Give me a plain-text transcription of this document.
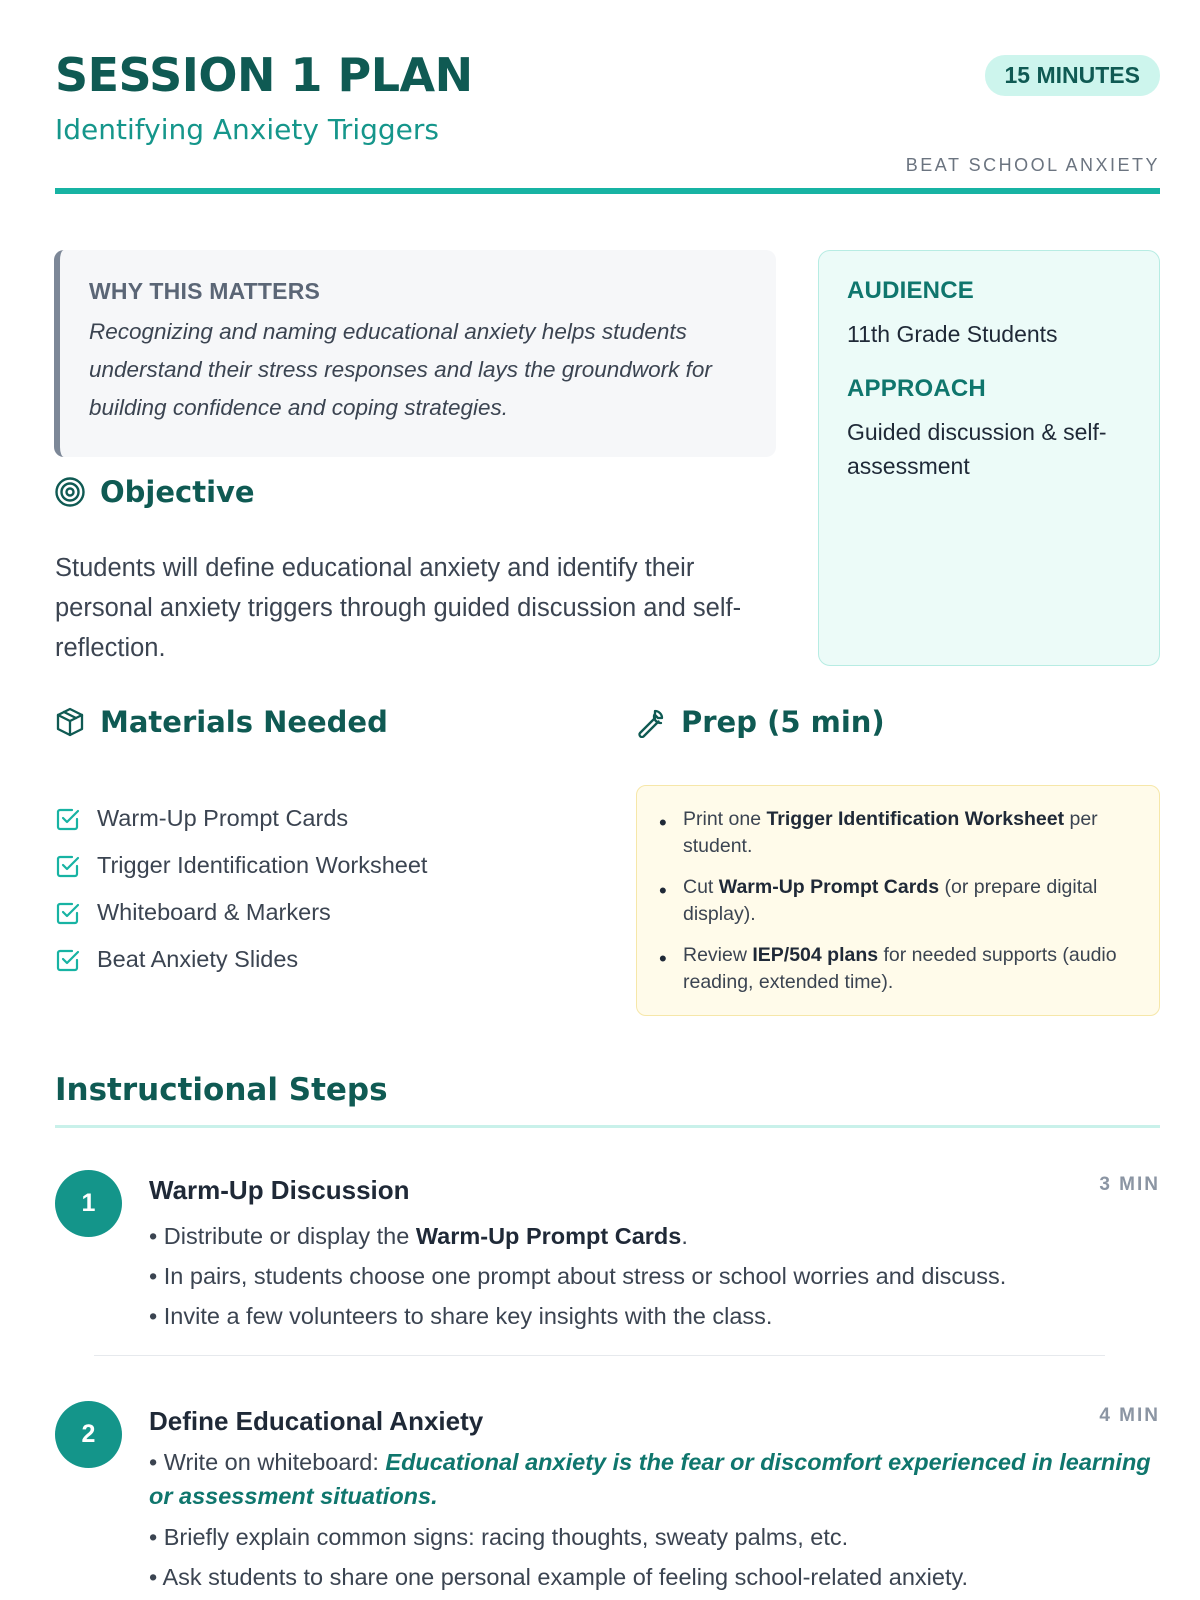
SESSION 1 PLAN
Identifying Anxiety Triggers
15 MINUTES
BEAT SCHOOL ANXIETY
WHY THIS MATTERS
Recognizing and naming educational anxiety helps students understand their stress responses and lays the groundwork for building confidence and coping strategies.
AUDIENCE
11th Grade Students
APPROACH
Guided discussion & self-assessment
Objective
Students will define educational anxiety and identify their personal anxiety triggers through guided discussion and self-reflection.
Materials Needed
Warm-Up Prompt Cards
Trigger Identification Worksheet
Whiteboard & Markers
Beat Anxiety Slides
Prep (5 min)
• Print one Trigger Identification Worksheet per student.
• Cut Warm-Up Prompt Cards (or prepare digital display).
• Review IEP/504 plans for needed supports (audio reading, extended time).
Instructional Steps
1	Warm-Up Discussion	3 MIN
• Distribute or display the Warm-Up Prompt Cards.
• In pairs, students choose one prompt about stress or school worries and discuss.
• Invite a few volunteers to share key insights with the class.
2	Define Educational Anxiety	4 MIN
• Write on whiteboard: Educational anxiety is the fear or discomfort experienced in learning or assessment situations.
• Briefly explain common signs: racing thoughts, sweaty palms, etc.
• Ask students to share one personal example of feeling school-related anxiety.
